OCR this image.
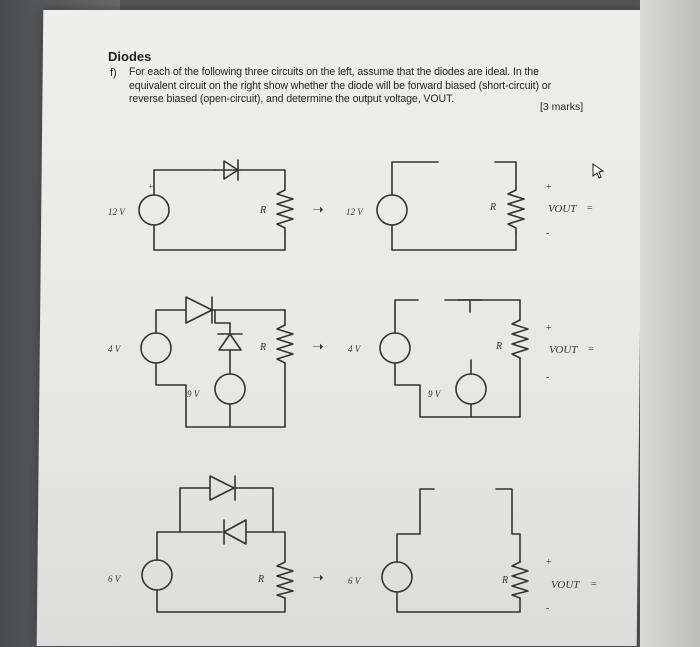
Diodes
f) For each of the following three circuits on the left, assume that the diodes are ideal. In the equivalent circuit on the right show whether the diode will be forward biased (short-circuit) or reverse biased (open-circuit), and determine the output voltage, VOUT.
[3 marks]
12 V	R
+
➝ 12 V	R
+
VOUT =
-
4 V
9 V
R	➝	4 V
9 V
R
+
VOUT =
-
6 V	R	➝	6 V	R
+
VOUT =
-
